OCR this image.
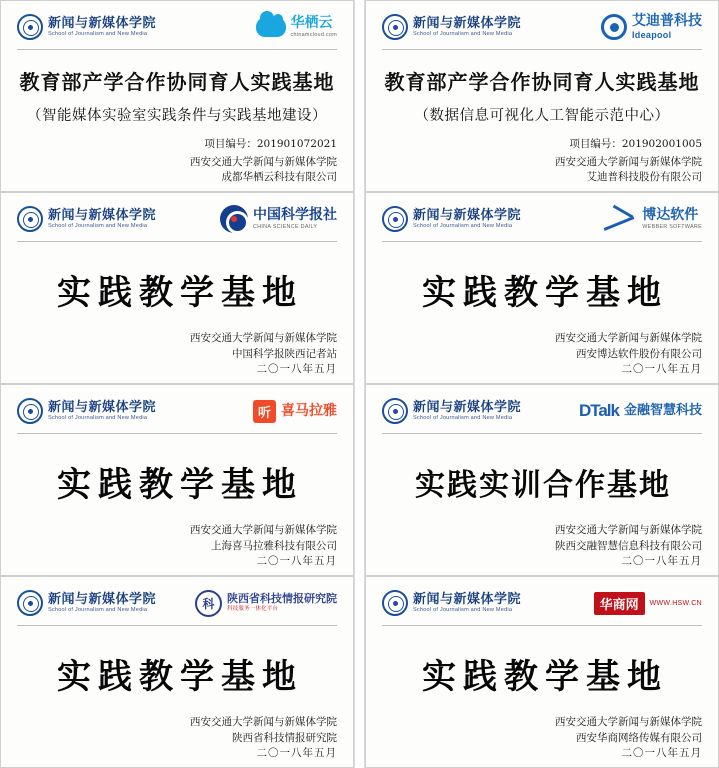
新闻与新媒体学院
School of Journalism and New Media
华栖云
chinamcloud.com
教育部产学合作协同育人实践基地
（智能媒体实验室实践条件与实践基地建设）
项目编号：201901072021
西安交通大学新闻与新媒体学院
成都华栖云科技有限公司
新闻与新媒体学院
School of Journalism and New Media
艾迪普科技
Ideapool
教育部产学合作协同育人实践基地
（数据信息可视化人工智能示范中心）
项目编号：201902001005
西安交通大学新闻与新媒体学院
艾迪普科技股份有限公司
新闻与新媒体学院
School of Journalism and New Media
中国科学报社
CHINA SCIENCE DAILY
实践教学基地
西安交通大学新闻与新媒体学院
中国科学报陕西记者站
二〇一八年五月
新闻与新媒体学院
School of Journalism and New Media
博达软件
WEBBER SOFTWARE
实践教学基地
西安交通大学新闻与新媒体学院
西安博达软件股份有限公司
二〇一八年五月
新闻与新媒体学院
School of Journalism and New Media	听 喜马拉雅
实践教学基地
西安交通大学新闻与新媒体学院
上海喜马拉雅科技有限公司
二〇一八年五月
新闻与新媒体学院
School of Journalism and New Media	DTalk 金融智慧科技
实践实训合作基地
西安交通大学新闻与新媒体学院
陕西交融智慧信息科技有限公司
二〇一八年五月
新闻与新媒体学院
School of Journalism and New Media	科	陕西省科技情报研究院
科技服务一体化平台
实践教学基地
西安交通大学新闻与新媒体学院
陕西省科技情报研究院
二〇一八年五月
新闻与新媒体学院
School of Journalism and New Media	华商网	WWW.HSW.CN
实践教学基地
西安交通大学新闻与新媒体学院
西安华商网络传媒有限公司
二〇一八年五月
